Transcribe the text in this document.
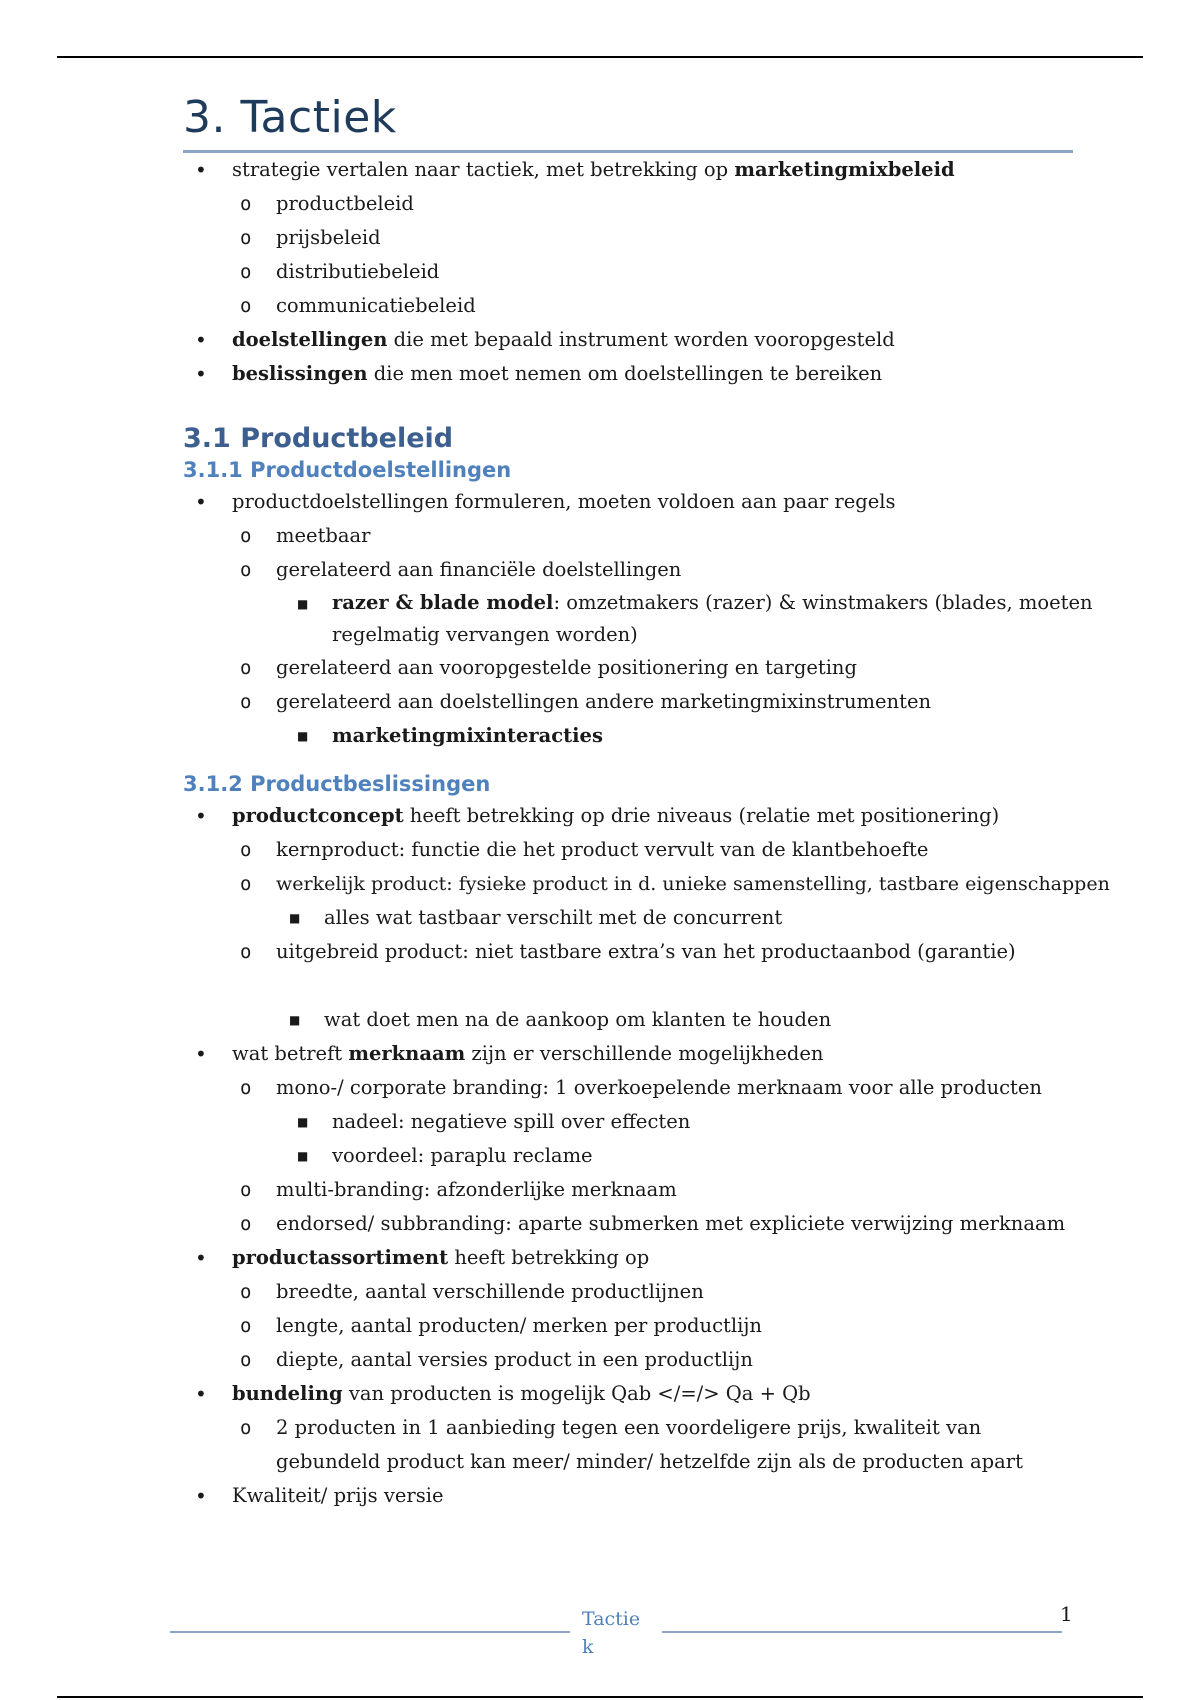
3. Tactiek
• strategie vertalen naar tactiek, met betrekking op marketingmixbeleid
o productbeleid
o prijsbeleid
o distributiebeleid
o communicatiebeleid
• doelstellingen die met bepaald instrument worden vooropgesteld
• beslissingen die men moet nemen om doelstellingen te bereiken
3.1 Productbeleid
3.1.1 Productdoelstellingen
• productdoelstellingen formuleren, moeten voldoen aan paar regels
o meetbaar
o gerelateerd aan financiële doelstellingen
■ razer & blade model: omzetmakers (razer) & winstmakers (blades, moeten regelmatig vervangen worden)
o gerelateerd aan vooropgestelde positionering en targeting
o gerelateerd aan doelstellingen andere marketingmixinstrumenten
■ marketingmixinteracties
3.1.2 Productbeslissingen
• productconcept heeft betrekking op drie niveaus (relatie met positionering)
o kernproduct: functie die het product vervult van de klantbehoefte
o werkelijk product: fysieke product in d. unieke samenstelling, tastbare eigenschappen
■ alles wat tastbaar verschilt met de concurrent
o uitgebreid product: niet tastbare extra’s van het productaanbod (garantie)
■ wat doet men na de aankoop om klanten te houden
• wat betreft merknaam zijn er verschillende mogelijkheden
o mono-/ corporate branding: 1 overkoepelende merknaam voor alle producten
■ nadeel: negatieve spill over effecten
■ voordeel: paraplu reclame
o multi-branding: afzonderlijke merknaam
o endorsed/ subbranding: aparte submerken met expliciete verwijzing merknaam
• productassortiment heeft betrekking op
o breedte, aantal verschillende productlijnen
o lengte, aantal producten/ merken per productlijn
o diepte, aantal versies product in een productlijn
• bundeling van producten is mogelijk Qab </=/> Qa + Qb
o 2 producten in 1 aanbieding tegen een voordeligere prijs, kwaliteit van gebundeld product kan meer/ minder/ hetzelfde zijn als de producten apart
• Kwaliteit/ prijs versie
Tactiek
1
